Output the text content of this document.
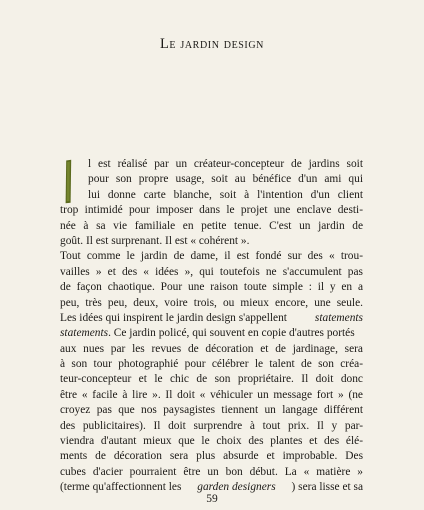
Le jardin design
l est réalisé par un créateur-concepteur de jardins soit
pour son propre usage, soit au bénéfice d'un ami qui
lui donne carte blanche, soit à l'intention d'un client
trop intimidé pour imposer dans le projet une enclave desti-
née à sa vie familiale en petite tenue. C'est un jardin de
goût. Il est surprenant. Il est « cohérent ».
Tout comme le jardin de dame, il est fondé sur des « trou-
vailles » et des « idées », qui toutefois ne s'accumulent pas
de façon chaotique. Pour une raison toute simple : il y en a
peu, très peu, deux, voire trois, ou mieux encore, une seule.
Les idées qui inspirent le jardin design s'appellent statements
statements. Ce jardin policé, qui souvent en copie d'autres portés
aux nues par les revues de décoration et de jardinage, sera
à son tour photographié pour célébrer le talent de son créa-
teur-concepteur et le chic de son propriétaire. Il doit donc
être « facile à lire ». Il doit « véhiculer un message fort » (ne
croyez pas que nos paysagistes tiennent un langage différent
des publicitaires). Il doit surprendre à tout prix. Il y par-
viendra d'autant mieux que le choix des plantes et des élé-
ments de décoration sera plus absurde et improbable. Des
cubes d'acier pourraient être un bon début. La « matière »
(terme qu'affectionnent les garden designers ) sera lisse et sa
59
